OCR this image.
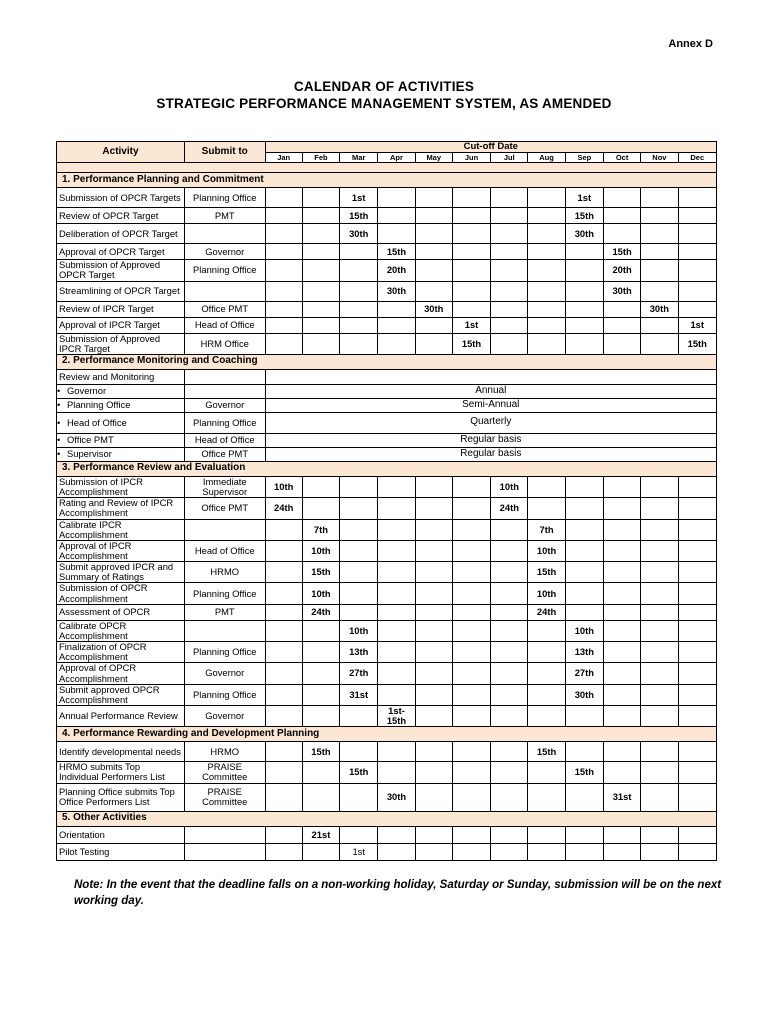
Annex D
CALENDAR OF ACTIVITIES
STRATEGIC PERFORMANCE MANAGEMENT SYSTEM, AS AMENDED
Activity	Submit to	Cut-off Date											
		Jan	Feb	Mar	Apr	May	Jun	Jul	Aug	Sep	Oct	Nov	Dec

1. Performance Planning and Commitment													
Submission of OPCR Targets	Planning Office			1st						1st			
Review of OPCR Target	PMT			15th						15th			
Deliberation of OPCR Target				30th						30th			
Approval of OPCR Target	Governor				15th						15th		
Submission of Approved OPCR Target	Planning Office				20th						20th		
Streamlining of OPCR Target					30th						30th		
Review of IPCR Target	Office PMT					30th						30th	
Approval of IPCR Target	Head of Office						1st						1st
Submission of Approved IPCR Target	HRM Office						15th						15th
2. Performance Monitoring and Coaching													
Review and Monitoring													
• Governor		Annual											
• Planning Office	Governor	Semi-Annual											
• Head of Office	Planning Office	Quarterly											
• Office PMT	Head of Office	Regular basis											
• Supervisor	Office PMT	Regular basis											
3. Performance Review and Evaluation													
Submission of IPCR Accomplishment	Immediate Supervisor	10th						10th					
Rating and Review of IPCR Accomplishment	Office PMT	24th						24th					
Calibrate IPCR Accomplishment			7th						7th				
Approval of IPCR Accomplishment	Head of Office		10th						10th				
Submit approved IPCR and Summary of Ratings	HRMO		15th						15th				
Submission of OPCR Accomplishment	Planning Office		10th						10th				
Assessment of OPCR	PMT		24th						24th				
Calibrate OPCR Accomplishment				10th						10th			
Finalization of OPCR Accomplishment	Planning Office			13th						13th			
Approval of OPCR Accomplishment	Governor			27th						27th			
Submit approved OPCR Accomplishment	Planning Office			31st						30th			
Annual Performance Review	Governor				1st- 15th								
4. Performance Rewarding and Development Planning													
Identify developmental needs	HRMO		15th						15th				
HRMO submits Top Individual Performers List	PRAISE Committee			15th						15th			
Planning Office submits Top Office Performers List	PRAISE Committee				30th						31st		
5. Other Activities													
Orientation			21st										
Pilot Testing				1st									
Note: In the event that the deadline falls on a non-working holiday, Saturday or Sunday, submission will be on the next working day.
